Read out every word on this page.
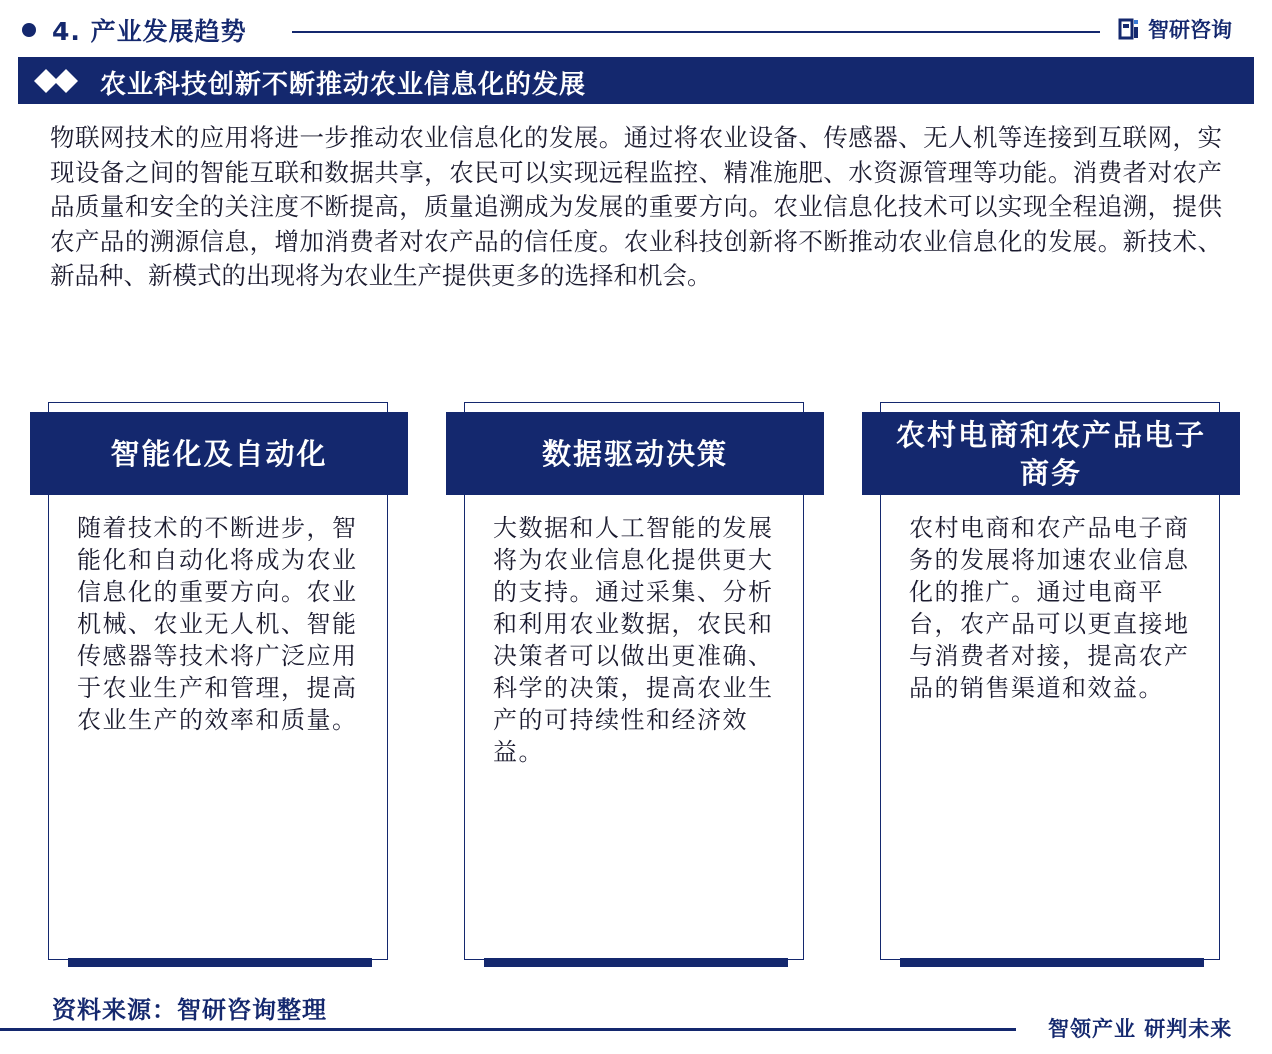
4. 产业发展趋势	智研咨询
农业科技创新不断推动农业信息化的发展

物联网技术的应用将进一步推动农业信息化的发展。通过将农业设备、传感器、无人机等连接到互联网，实现设备之间的智能互联和数据共享，农民可以实现远程监控、精准施肥、水资源管理等功能。消费者对农产品质量和安全的关注度不断提高，质量追溯成为发展的重要方向。农业信息化技术可以实现全程追溯，提供农产品的溯源信息，增加消费者对农产品的信任度。农业科技创新将不断推动农业信息化的发展。新技术、新品种、新模式的出现将为农业生产提供更多的选择和机会。

智能化及自动化

随着技术的不断进步，智能化和自动化将成为农业信息化的重要方向。农业机械、农业无人机、智能传感器等技术将广泛应用于农业生产和管理，提高农业生产的效率和质量。

数据驱动决策

大数据和人工智能的发展将为农业信息化提供更大的支持。通过采集、分析和利用农业数据，农民和决策者可以做出更准确、科学的决策，提高农业生产的可持续性和经济效益。

农村电商和农产品电子商务

农村电商和农产品电子商务的发展将加速农业信息化的推广。通过电商平台，农产品可以更直接地与消费者对接，提高农产品的销售渠道和效益。

资料来源：智研咨询整理
智领产业 研判未来
